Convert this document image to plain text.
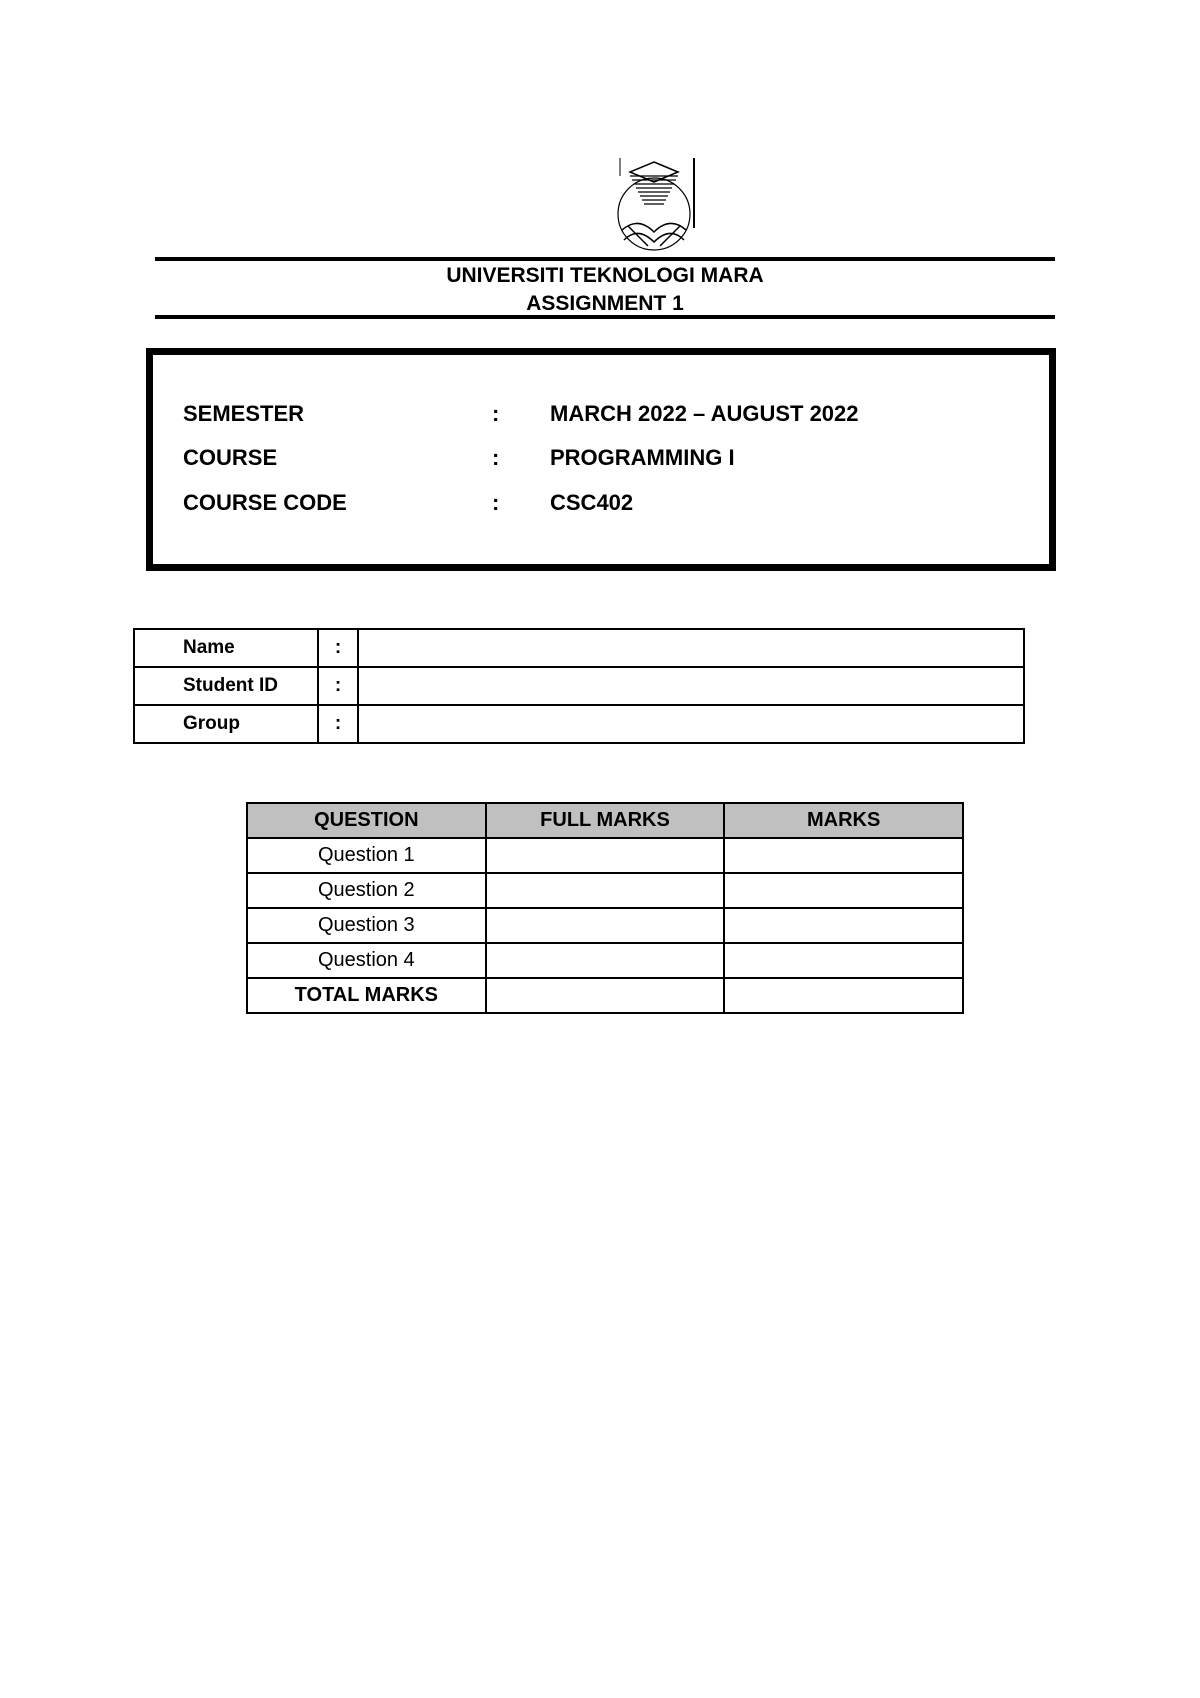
UNIVERSITI TEKNOLOGI MARA
ASSIGNMENT 1
SEMESTER	: MARCH 2022 – AUGUST 2022
COURSE	: PROGRAMMING I
COURSE CODE	: CSC402
Name	:	
Student ID	:	
Group	:	
QUESTION	FULL MARKS	MARKS
Question 1		
Question 2		
Question 3		
Question 4		
TOTAL MARKS		
